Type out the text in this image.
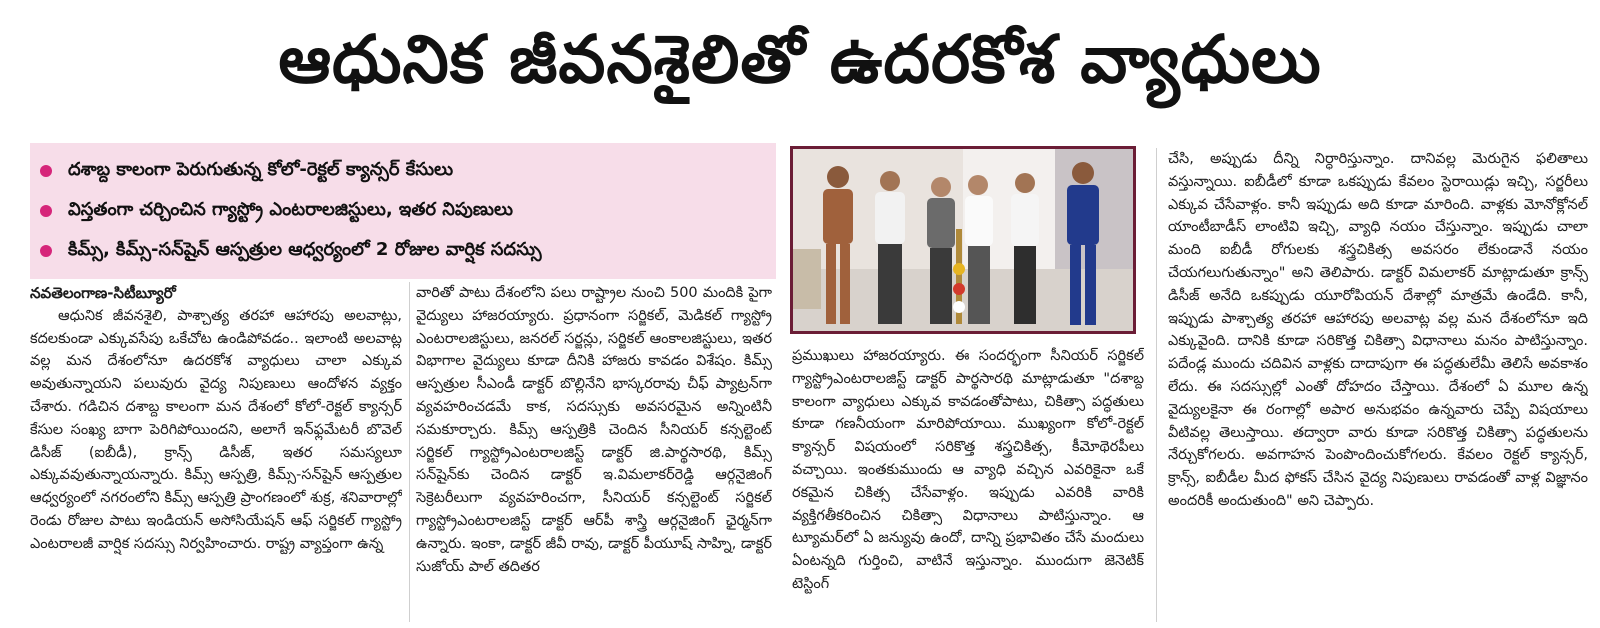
ఆధునిక జీవనశైలితో ఉదరకోశ వ్యాధులు
దశాబ్ద కాలంగా పెరుగుతున్న కోలో-రెక్టల్ క్యాన్సర్ కేసులు
విస్తతంగా చర్చించిన గ్యాస్ట్రో ఎంటరాలజిస్టులు, ఇతర నిపుణులు
కిమ్స్, కిమ్స్-సన్‌షైన్ ఆస్పత్రుల ఆధ్వర్యంలో 2 రోజుల వార్షిక సదస్సు

నవతెలంగాణ-సిటీబ్యూరో

ఆధునిక జీవనశైలి, పాశ్చాత్య తరహా ఆహారపు అలవాట్లు, కదలకుండా ఎక్కువసేపు ఒకేచోట ఉండిపోవడం.. ఇలాంటి అలవాట్ల వల్ల మన దేశంలోనూ ఉదరకోశ వ్యాధులు చాలా ఎక్కువ అవుతున్నాయని పలువురు వైద్య నిపుణులు ఆందోళన వ్యక్తం చేశారు. గడిచిన దశాబ్ద కాలంగా మన దేశంలో కోలో-రెక్టల్ క్యాన్సర్ కేసుల సంఖ్య బాగా పెరిగిపోయిందని, అలాగే ఇన్‌ఫ్లమేటరీ బొవెల్ డిసీజ్ (ఐబీడీ), క్రాన్స్ డిసీజ్, ఇతర సమస్యలూ ఎక్కువవుతున్నాయన్నారు. కిమ్స్ ఆస్పత్రి, కిమ్స్-సన్‌షైన్ ఆస్పత్రుల ఆధ్వర్యంలో నగరంలోని కిమ్స్ ఆస్పత్రి ప్రాంగణంలో శుక్ర, శనివారాల్లో రెండు రోజుల పాటు ఇండియన్ అసోసియేషన్ ఆఫ్ సర్జికల్ గ్యాస్ట్రో ఎంటరాలజీ వార్షిక సదస్సు నిర్వహించారు. రాష్ట్ర వ్యాప్తంగా ఉన్న

వారితో పాటు దేశంలోని పలు రాష్ట్రాల నుంచి 500 మందికి పైగా వైద్యులు హాజరయ్యారు. ప్రధానంగా సర్జికల్, మెడికల్ గ్యాస్ట్రో ఎంటరాలజిస్టులు, జనరల్ సర్జన్లు, సర్జికల్ ఆంకాలజిస్టులు, ఇతర విభాగాల వైద్యులు కూడా దీనికి హాజరు కావడం విశేషం. కిమ్స్ ఆస్పత్రుల సీఎండీ డాక్టర్ బొల్లినేని భాస్కరరావు చీఫ్ ప్యాట్రన్‌గా వ్యవహరించడమే కాక, సదస్సుకు అవసరమైన అన్నింటినీ సమకూర్చారు. కిమ్స్ ఆస్పత్రికి చెందిన సీనియర్ కన్సల్టెంట్ సర్జికల్ గ్యాస్ట్రోఎంటరాలజిస్ట్ డాక్టర్ జి.పార్థసారథి, కిమ్స్ సన్‌షైన్‌కు చెందిన డాక్టర్ ఇ.విమలాకర్‌రెడ్డి ఆర్గనైజింగ్ సెక్రెటరీలుగా వ్యవహరించగా, సీనియర్ కన్సల్టెంట్ సర్జికల్ గ్యాస్ట్రోఎంటరాలజిస్ట్ డాక్టర్ ఆర్‌పీ శాస్త్రి ఆర్గనైజింగ్ ఛైర్మన్‌గా ఉన్నారు. ఇంకా, డాక్టర్ జీవీ రావు, డాక్టర్ పీయూష్ సాహ్ని, డాక్టర్ సుజోయ్ పాల్ తదితర

ప్రముఖులు హాజరయ్యారు. ఈ సందర్భంగా సీనియర్ సర్జికల్ గ్యాస్ట్రోఎంటరాలజిస్ట్ డాక్టర్ పార్థసారథి మాట్లాడుతూ "దశాబ్ద కాలంగా వ్యాధులు ఎక్కువ కావడంతోపాటు, చికిత్సా పద్ధతులు కూడా గణనీయంగా మారిపోయాయి. ముఖ్యంగా కోలో-రెక్టల్ క్యాన్సర్ విషయంలో సరికొత్త శస్త్రచికిత్స, కీమోథెరపీలు వచ్చాయి. ఇంతకుముందు ఆ వ్యాధి వచ్చిన ఎవరికైనా ఒకే రకమైన చికిత్స చేసేవాళ్లం. ఇప్పుడు ఎవరికి వారికి వ్యక్తిగతీకరించిన చికిత్సా విధానాలు పాటిస్తున్నాం. ఆ ట్యూమర్‌లో ఏ జన్యువు ఉందో, దాన్ని ప్రభావితం చేసే మందులు ఏంటన్నది గుర్తించి, వాటినే ఇస్తున్నాం. ముందుగా జెనెటిక్ టెస్టింగ్

చేసి, అప్పుడు దీన్ని నిర్ధారిస్తున్నాం. దానివల్ల మెరుగైన ఫలితాలు వస్తున్నాయి. ఐబీడీలో కూడా ఒకప్పుడు కేవలం స్టెరాయిడ్లు ఇచ్చి, సర్జరీలు ఎక్కువ చేసేవాళ్లం. కానీ ఇప్పుడు అది కూడా మారింది. వాళ్లకు మోనోక్లోనల్ యాంటీబాడీస్ లాంటివి ఇచ్చి, వ్యాధి నయం చేస్తున్నాం. ఇప్పుడు చాలా మంది ఐబీడీ రోగులకు శస్త్రచికిత్స అవసరం లేకుండానే నయం చేయగలుగుతున్నాం" అని తెలిపారు. డాక్టర్ విమలాకర్ మాట్లాడుతూ క్రాన్స్ డిసీజ్ అనేది ఒకప్పుడు యూరోపియన్ దేశాల్లో మాత్రమే ఉండేది. కానీ, ఇప్పుడు పాశ్చాత్య తరహా ఆహారపు అలవాట్ల వల్ల మన దేశంలోనూ ఇది ఎక్కువైంది. దానికి కూడా సరికొత్త చికిత్సా విధానాలు మనం పాటిస్తున్నాం. పదేండ్ల ముందు చదివిన వాళ్లకు దాదాపుగా ఈ పద్ధతులేమీ తెలిసే అవకాశం లేదు. ఈ సదస్సుల్లో ఎంతో దోహదం చేస్తాయి. దేశంలో ఏ మూల ఉన్న వైద్యులకైనా ఈ రంగాల్లో అపార అనుభవం ఉన్నవారు చెప్పే విషయాలు వీటివల్ల తెలుస్తాయి. తద్వారా వారు కూడా సరికొత్త చికిత్సా పద్ధతులను నేర్చుకోగలరు. అవగాహన పెంపొందించుకోగలరు. కేవలం రెక్టల్ క్యాన్సర్, క్రాన్స్, ఐబీడీల మీద ఫోకస్ చేసిన వైద్య నిపుణులు రావడంతో వాళ్ల విజ్ఞానం అందరికీ అందుతుంది" అని చెప్పారు.
